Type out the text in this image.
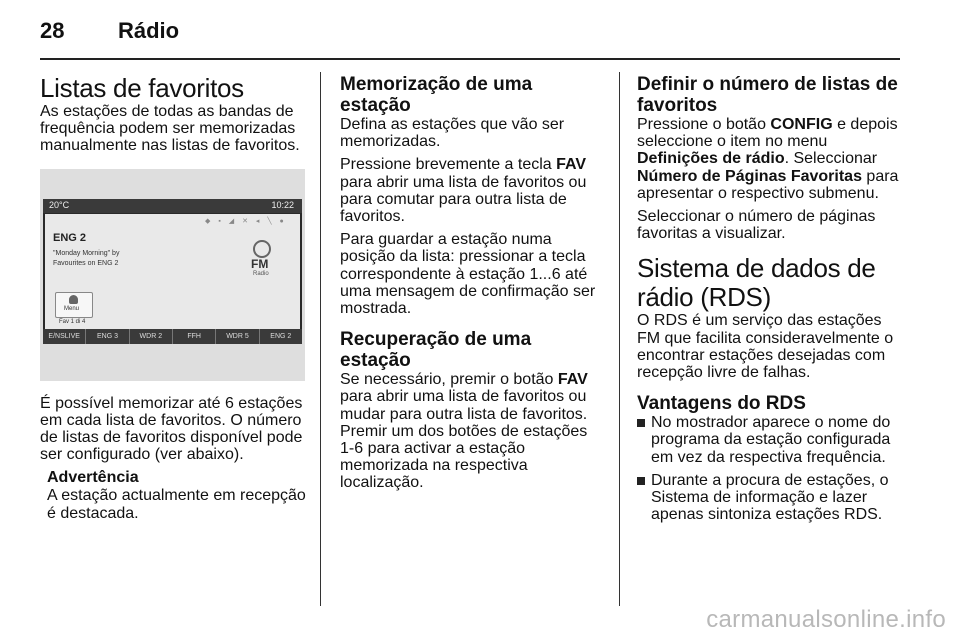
28 Rádio
Listas de favoritos

As estações de todas as bandas de frequência podem ser memorizadas manualmente nas listas de favoritos.

20°C	10:22
◆ ▪ ◢ ✕ ◂ ╲ ●
ENG 2
"Monday Morning" by
Favourites on ENG 2	FM
Radio
Menu
Fav 1 di 4
E/NSLIVE	ENG 3	WDR 2	FFH	WDR 5	ENG 2

É possível memorizar até 6 estações em cada lista de favoritos. O número de listas de favoritos disponível pode ser configurado (ver abaixo).

Advertência

A estação actualmente em recepção é destacada.

Memorização de uma estação

Defina as estações que vão ser memorizadas.

Pressione brevemente a tecla FAV para abrir uma lista de favoritos ou para comutar para outra lista de favoritos.

Para guardar a estação numa posição da lista: pressionar a tecla correspondente à estação 1...6 até uma mensagem de confirmação ser mostrada.

Recuperação de uma estação

Se necessário, premir o botão FAV para abrir uma lista de favoritos ou mudar para outra lista de favoritos. Premir um dos botões de estações 1-6 para activar a estação memorizada na respectiva localização.

Definir o número de listas de favoritos

Pressione o botão CONFIG e depois seleccione o item no menu Definições de rádio. Seleccionar Número de Páginas Favoritas para apresentar o respectivo submenu.

Seleccionar o número de páginas favoritas a visualizar.

Sistema de dados de rádio (RDS)

O RDS é um serviço das estações FM que facilita consideravelmente o encontrar estações desejadas com recepção livre de falhas.

Vantagens do RDS
No mostrador aparece o nome do programa da estação configurada em vez da respectiva frequência.
Durante a procura de estações, o Sistema de informação e lazer apenas sintoniza estações RDS.
carmanualsonline.info
